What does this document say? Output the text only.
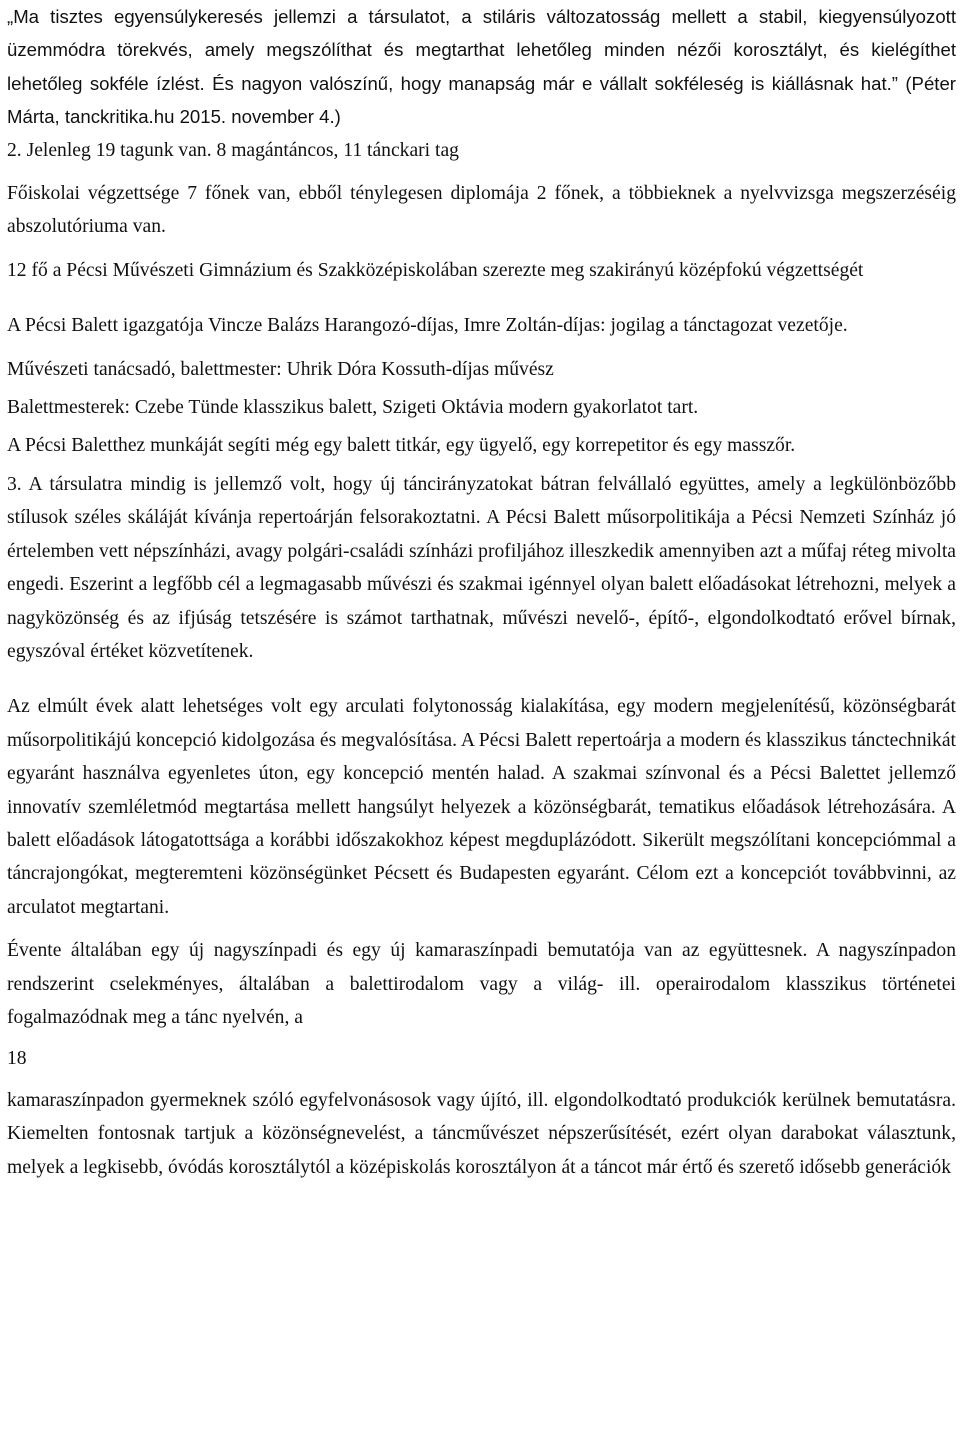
„Ma tisztes egyensúlykeresés jellemzi a társulatot, a stiláris változatosság mellett a stabil, kiegyensúlyozott üzemmódra törekvés, amely megszólíthat és megtarthat lehetőleg minden nézői korosztályt, és kielégíthet lehetőleg sokféle ízlést. És nagyon valószínű, hogy manapság már e vállalt sokféleség is kiállásnak hat.” (Péter Márta, tanckritika.hu 2015. november 4.)

2. Jelenleg 19 tagunk van. 8 magántáncos, 11 tánckari tag

Főiskolai végzettsége 7 főnek van, ebből ténylegesen diplomája 2 főnek, a többieknek a nyelvvizsga megszerzéséig abszolutóriuma van.

12 fő a Pécsi Művészeti Gimnázium és Szakközépiskolában szerezte meg szakirányú középfokú végzettségét

A Pécsi Balett igazgatója Vincze Balázs Harangozó-díjas, Imre Zoltán-díjas: jogilag a tánctagozat vezetője.

Művészeti tanácsadó, balettmester: Uhrik Dóra Kossuth-díjas művész

Balettmesterek: Czebe Tünde klasszikus balett, Szigeti Oktávia modern gyakorlatot tart.

A Pécsi Baletthez munkáját segíti még egy balett titkár, egy ügyelő, egy korrepetitor és egy masszőr.

3. A társulatra mindig is jellemző volt, hogy új táncirányzatokat bátran felvállaló együttes, amely a legkülönbözőbb stílusok széles skáláját kívánja repertoárján felsorakoztatni. A Pécsi Balett műsorpolitikája a Pécsi Nemzeti Színház jó értelemben vett népszínházi, avagy polgári-családi színházi profiljához illeszkedik amennyiben azt a műfaj réteg mivolta engedi. Eszerint a legfőbb cél a legmagasabb művészi és szakmai igénnyel olyan balett előadásokat létrehozni, melyek a nagyközönség és az ifjúság tetszésére is számot tarthatnak, művészi nevelő-, építő-, elgondolkodtató erővel bírnak, egyszóval értéket közvetítenek.

Az elmúlt évek alatt lehetséges volt egy arculati folytonosság kialakítása, egy modern megjelenítésű, közönségbarát műsorpolitikájú koncepció kidolgozása és megvalósítása. A Pécsi Balett repertoárja a modern és klasszikus tánctechnikát egyaránt használva egyenletes úton, egy koncepció mentén halad. A szakmai színvonal és a Pécsi Balettet jellemző innovatív szemléletmód megtartása mellett hangsúlyt helyezek a közönségbarát, tematikus előadások létrehozására. A balett előadások látogatottsága a korábbi időszakokhoz képest megduplázódott. Sikerült megszólítani koncepciómmal a táncrajongókat, megteremteni közönségünket Pécsett és Budapesten egyaránt. Célom ezt a koncepciót továbbvinni, az arculatot megtartani.

Évente általában egy új nagyszínpadi és egy új kamaraszínpadi bemutatója van az együttesnek. A nagyszínpadon rendszerint cselekményes, általában a balettirodalom vagy a világ- ill. operairodalom klasszikus történetei fogalmazódnak meg a tánc nyelvén, a

18

kamaraszínpadon gyermeknek szóló egyfelvonásosok vagy újító, ill. elgondolkodtató produkciók kerülnek bemutatásra. Kiemelten fontosnak tartjuk a közönségnevelést, a táncművészet népszerűsítését, ezért olyan darabokat választunk, melyek a legkisebb, óvódás korosztálytól a középiskolás korosztályon át a táncot már értő és szerető idősebb generációk
